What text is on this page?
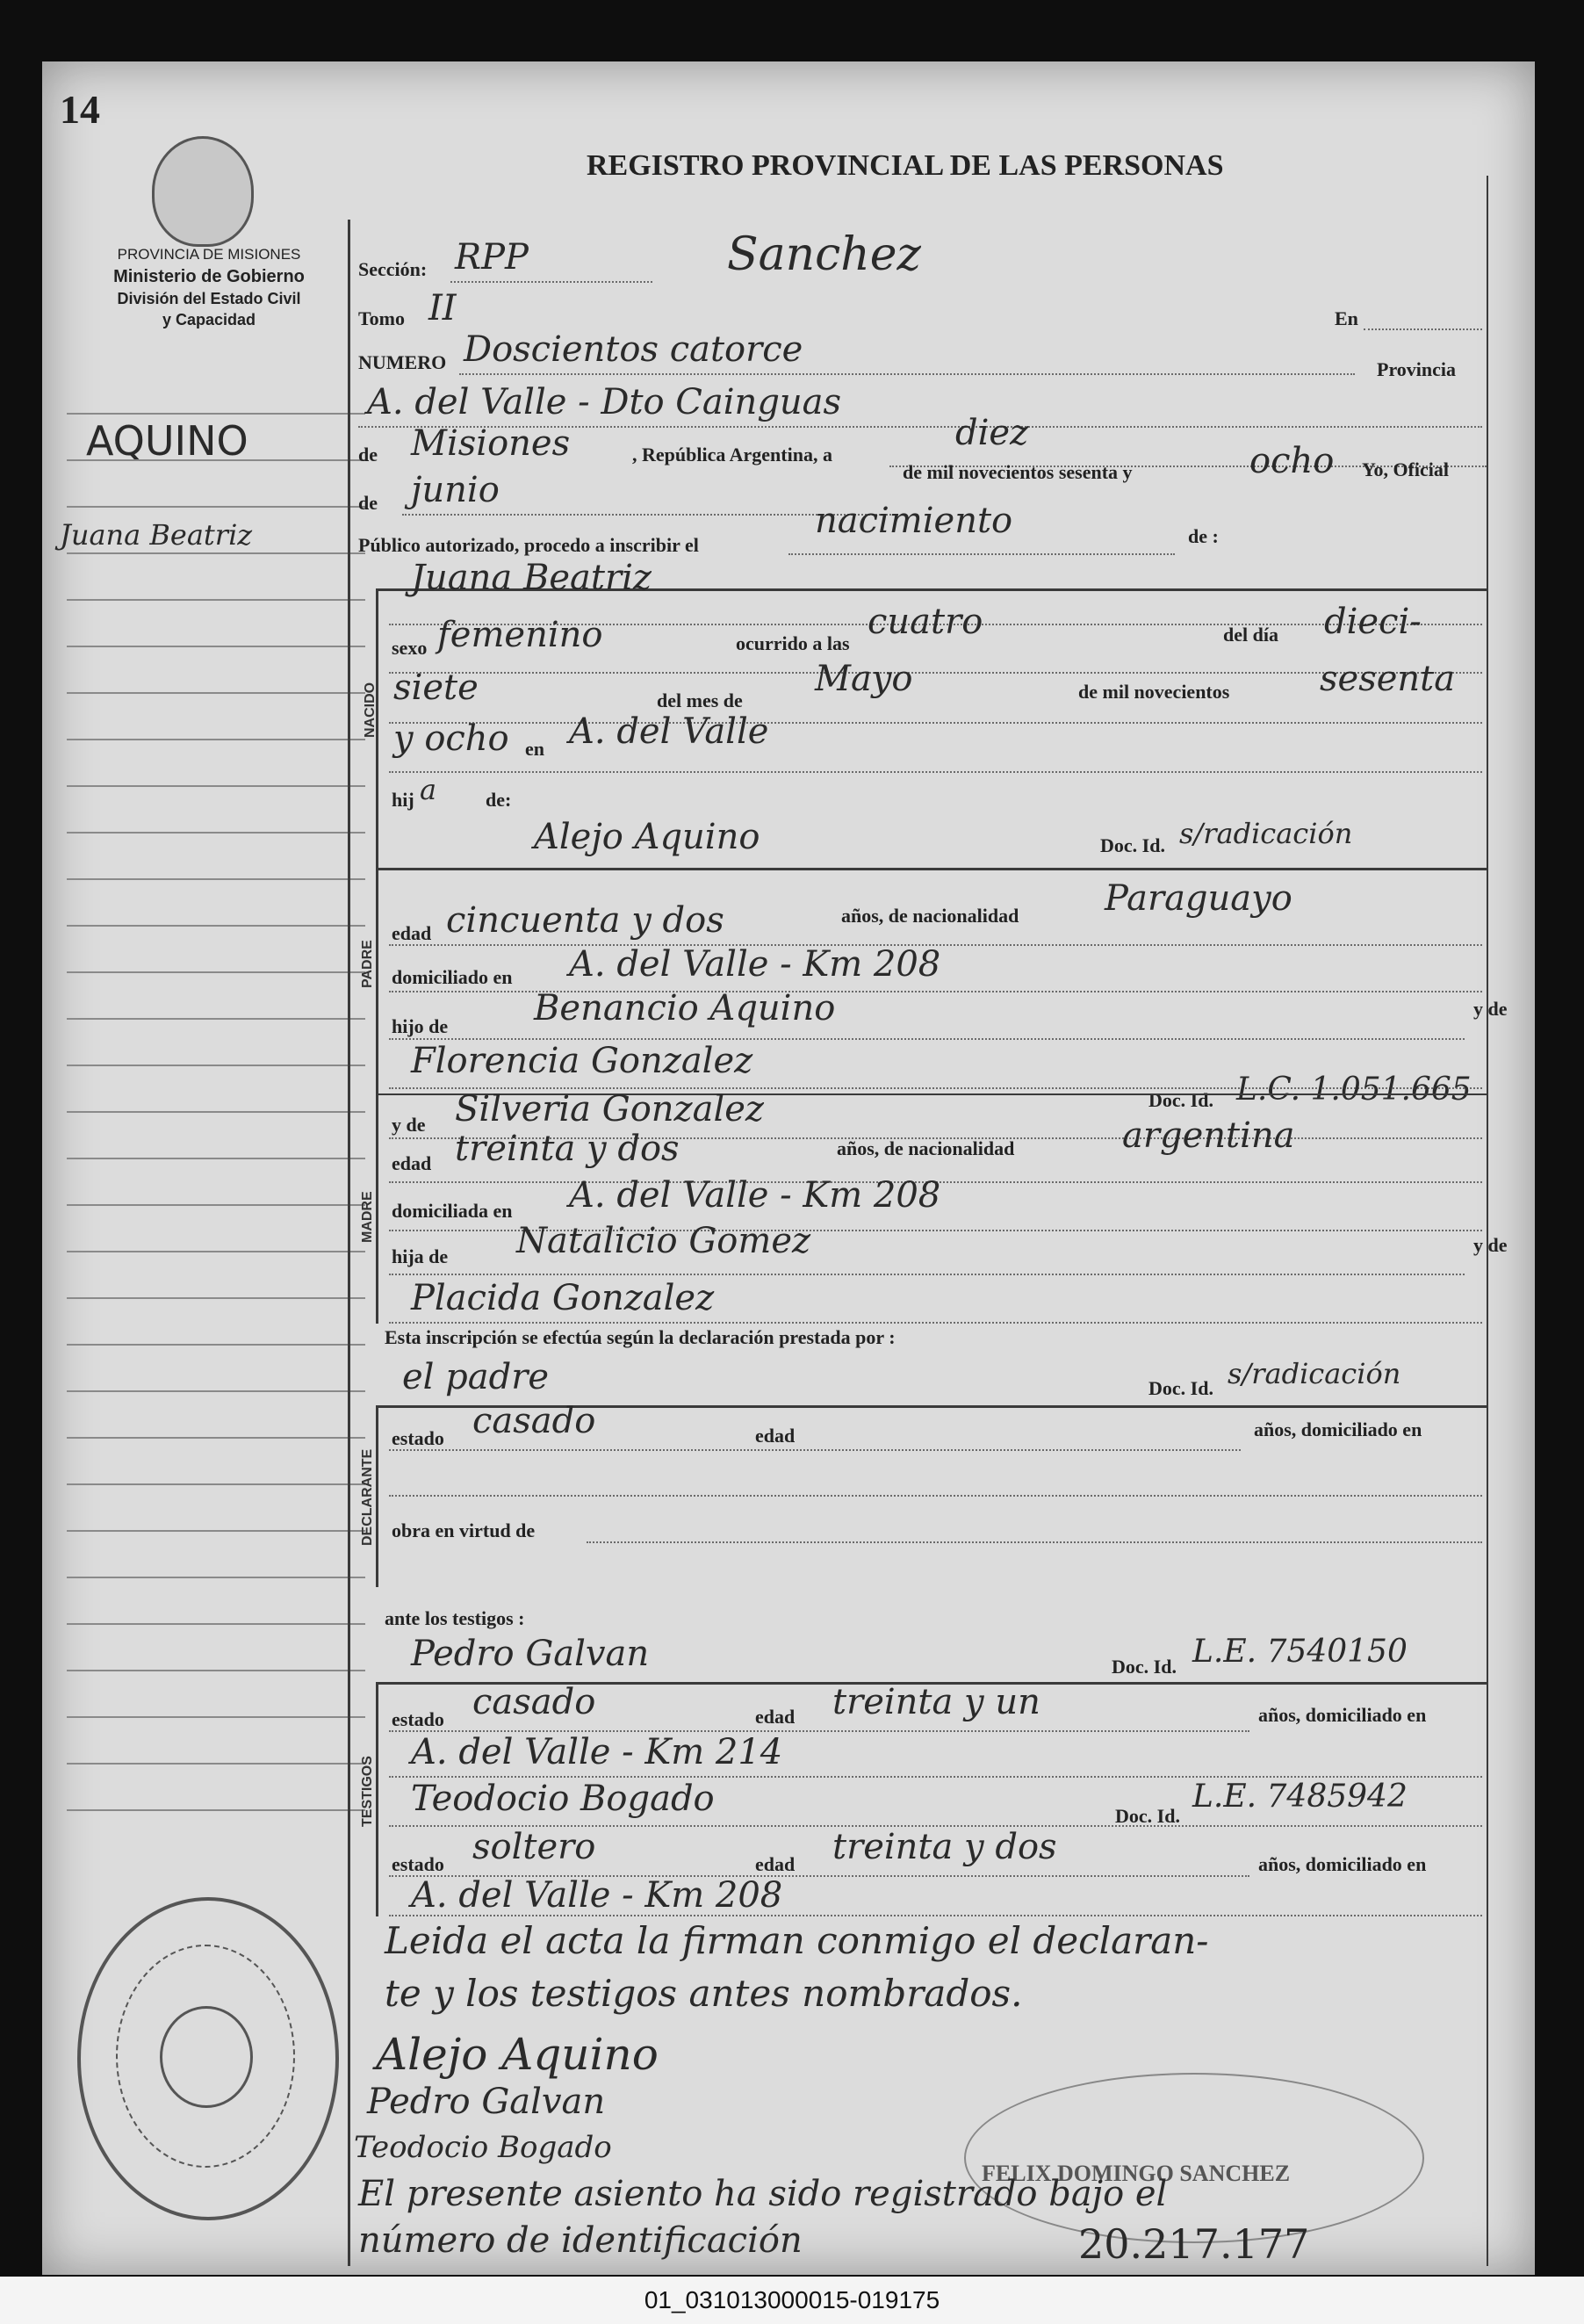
14
PROVINCIA DE MISIONES
Ministerio de Gobierno
División del Estado Civil
y Capacidad
REGISTRO PROVINCIAL DE LAS PERSONAS
Sanchez
AQUINO
Juana Beatriz
Sección: RPP
Tomo II	En
NUMERO Doscientos catorce	Provincia
A. del Valle - Dto Cainguas
de Misiones	, República Argentina, a
diez
de junio	de mil novecientos sesenta y	ocho Yo, Oficial
Público autorizado, procedo a inscribir el
nacimiento	de :
NACIDO
Juana Beatriz
sexo femenino	ocurrido a las
cuatro	del día dieci-
siete	del mes de
Mayo	de mil novecientos	sesenta
y ocho en A. del Valle
hij a	de:
Alejo Aquino	Doc. Id. s/radicación
PADRE
edad cincuenta y dos	años, de nacionalidad Paraguayo
domiciliado en A. del Valle - Km 208
hijo de Benancio Aquino	y de
Florencia Gonzalez
Doc. Id. L.C. 1.051.665
y de Silveria Gonzalez
MADRE
edad treinta y dos	años, de nacionalidad	argentina
domiciliada en A. del Valle - Km 208
hija de Natalicio Gomez	y de
Placida Gonzalez
Esta inscripción se efectúa según la declaración prestada por :
el padre	Doc. Id. s/radicación
DECLARANTE
estado casado	edad	años, domiciliado en
obra en virtud de
ante los testigos :
Pedro Galvan	Doc. Id. L.E. 7540150
TESTIGOS
estado casado	edad treinta y un	años, domiciliado en
A. del Valle - Km 214
Teodocio Bogado	Doc. Id.
L.E. 7485942
estado soltero	edad treinta y dos	años, domiciliado en
A. del Valle - Km 208
Leida el acta la firman conmigo el declaran-
te y los testigos antes nombrados.
Alejo Aquino
Pedro Galvan
Teodocio Bogado
FELIX DOMINGO SANCHEZ
El presente asiento ha sido registrado bajo el
número de identificación	20.217.177
01_031013000015-019175
